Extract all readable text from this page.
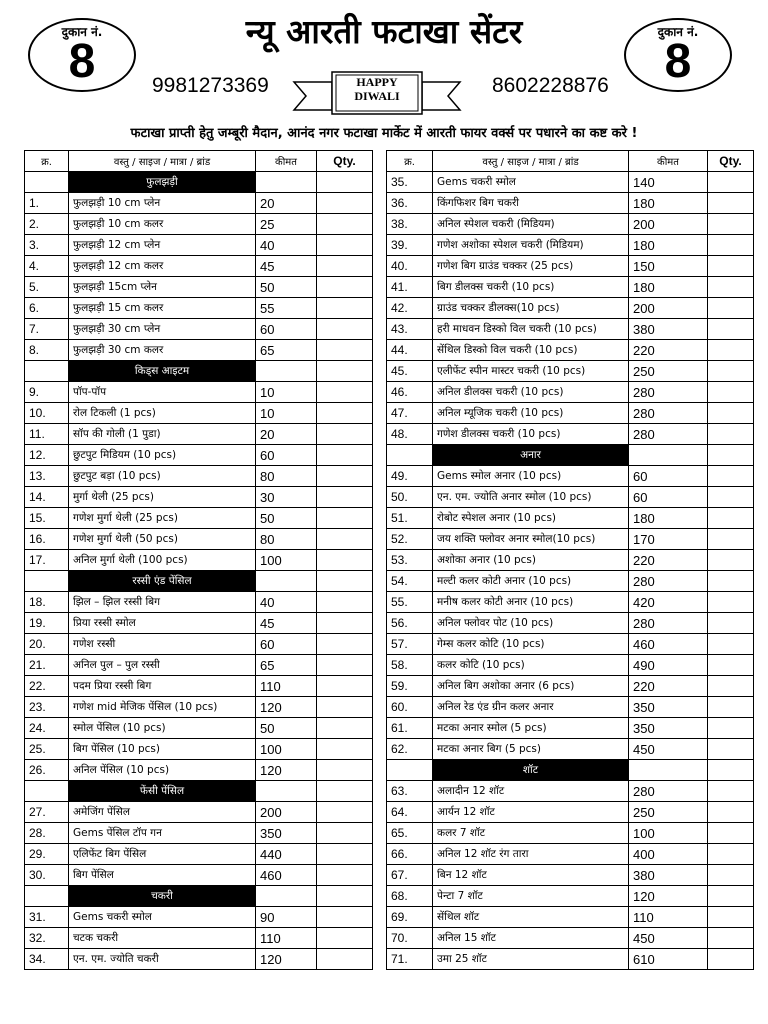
दुकान नं.
8
न्यू आरती फटाखा सेंटर	दुकान नं.
8
9981273369	8602228876
HAPPY
DIWALI
फटाखा प्राप्ती हेतु जम्बूरी मैदान, आनंद नगर फटाखा मार्केट में आरती फायर वर्क्स पर पधारने का कष्ट करे !
क्र.	वस्तु / साइज / मात्रा / ब्रांड	कीमत	Qty.
	फुलझड़ी		
1.	फुलझड़ी 10 cm प्लेन	20	
2.	फुलझड़ी 10 cm कलर	25	
3.	फुलझड़ी 12 cm प्लेन	40	
4.	फुलझड़ी 12 cm कलर	45	
5.	फुलझड़ी 15cm प्लेन	50	
6.	फुलझड़ी 15 cm कलर	55	
7.	फुलझड़ी 30 cm प्लेन	60	
8.	फुलझड़ी 30 cm कलर	65	
	किड्स आइटम		
9.	पॉप-पॉप	10	
10.	रोल टिकली (1 pcs)	10	
11.	सॉप की गोली (1 पुडा)	20	
12.	छुटपुट मिडियम (10 pcs)	60	
13.	छुटपुट बड़ा (10 pcs)	80	
14.	मुर्गा थेली (25 pcs)	30	
15.	गणेश मुर्गा थेली (25 pcs)	50	
16.	गणेश मुर्गा थेली (50 pcs)	80	
17.	अनिल मुर्गा थेली (100 pcs)	100	
	रस्सी एंड पेंसिल		
18.	झिल – झिल रस्सी बिग	40	
19.	प्रिया रस्सी स्मोल	45	
20.	गणेश रस्सी	60	
21.	अनिल पुल – पुल रस्सी	65	
22.	पदम प्रिया रस्सी बिग	110	
23.	गणेश mid मेजिक पेंसिल (10 pcs)	120	
24.	स्मोल पेंसिल (10 pcs)	50	
25.	बिग पेंसिल (10 pcs)	100	
26.	अनिल पेंसिल (10 pcs)	120	
	फेंसी पेंसिल		
27.	अमेजिंग पेंसिल	200	
28.	Gems पेंसिल टॉप गन	350	
29.	एलिफेंट बिग पेंसिल	440	
30.	बिग पेंसिल	460	
	चकरी		
31.	Gems चकरी स्मोल	90	
32.	चटक चकरी	110	
34.	एन. एम. ज्योति चकरी	120	
क्र.	वस्तु / साइज / मात्रा / ब्रांड	कीमत	Qty.
35.	Gems चकरी स्मोल	140	
36.	किंगफिशर बिग चकरी	180	
38.	अनिल स्पेशल चकरी (मिडियम)	200	
39.	गणेश अशोका स्पेशल चकरी (मिडियम)	180	
40.	गणेश बिग ग्राउंड चक्कर (25 pcs)	150	
41.	बिग डीलक्स चकरी (10 pcs)	180	
42.	ग्राउंड चक्कर डीलक्स(10 pcs)	200	
43.	हरी माधवन डिस्को विल चकरी (10 pcs)	380	
44.	सेंथिल डिस्को विल चकरी (10 pcs)	220	
45.	एलीफेंट स्पीन मास्टर चकरी (10 pcs)	250	
46.	अनिल डीलक्स चकरी (10 pcs)	280	
47.	अनिल म्यूजिक चकरी (10 pcs)	280	
48.	गणेश डीलक्स चकरी (10 pcs)	280	
	अनार		
49.	Gems स्मोल अनार (10 pcs)	60	
50.	एन. एम. ज्योति अनार स्मोल (10 pcs)	60	
51.	रोबोट स्पेशल अनार (10 pcs)	180	
52.	जय शक्ति फ्लोवर अनार स्मोल(10 pcs)	170	
53.	अशोका अनार (10 pcs)	220	
54.	मल्टी कलर कोटी अनार (10 pcs)	280	
55.	मनीष कलर कोटी अनार (10 pcs)	420	
56.	अनिल फ्लोवर पोट (10 pcs)	280	
57.	गेम्स कलर कोटि (10 pcs)	460	
58.	कलर कोटि (10 pcs)	490	
59.	अनिल बिग अशोका अनार (6 pcs)	220	
60.	अनिल रेड एंड ग्रीन कलर अनार	350	
61.	मटका अनार स्मोल (5 pcs)	350	
62.	मटका अनार बिग (5 pcs)	450	
	शॉट		
63.	अलादीन 12 शॉट	280	
64.	आर्यन 12 शॉट	250	
65.	कलर 7 शॉट	100	
66.	अनिल 12 शॉट रंग तारा	400	
67.	बिन 12 शॉट	380	
68.	पेन्टा 7 शॉट	120	
69.	सेंथिल शॉट	110	
70.	अनिल 15 शॉट	450	
71.	उमा 25 शॉट	610	
